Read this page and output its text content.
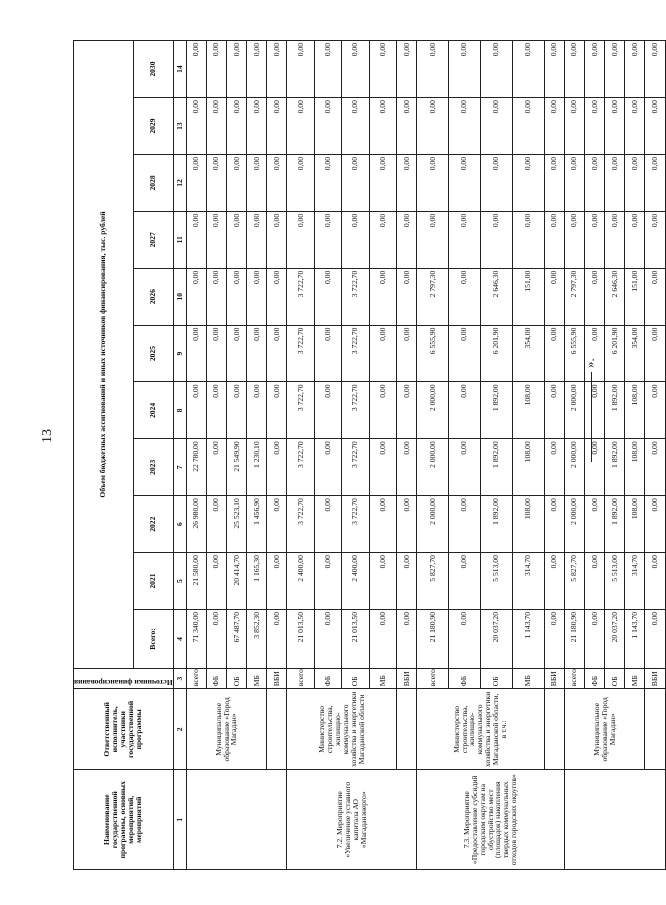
13
».
Наименование государственной программы, основных мероприятий, мероприятий	Ответственный исполнитель, участники государственной программы	Источники финансирования	Объем бюджетных ассигнований и иных источников финансирования, тыс. рублей										
			Всего:	2021	2022	2023	2024	2025	2026	2027	2028	2029	2030
1	2	3	4	5	6	7	8	9	10	11	12	13	14
	Муниципальное образование «Город Магадан»	всего	71 340,00	21 580,00	26 980,00	22 780,00	0,00	0,00	0,00	0,00	0,00	0,00	0,00
		ФБ	0,00	0,00	0,00	0,00	0,00	0,00	0,00	0,00	0,00	0,00	0,00
		ОБ	67 487,70	20 414,70	25 523,10	21 549,90	0,00	0,00	0,00	0,00	0,00	0,00	0,00
		МБ	3 852,30	1 165,30	1 456,90	1 230,10	0,00	0,00	0,00	0,00	0,00	0,00	0,00
		ВБИ	0,00	0,00	0,00	0,00	0,00	0,00	0,00	0,00	0,00	0,00	0,00
7.2. Мероприятие «Увеличение уставного капитала АО «Магаданэнерго»	Министерство строительства, жилищно-коммунального хозяйства и энергетики Магаданской области	всего	21 013,50	2 400,00	3 722,70	3 722,70	3 722,70	3 722,70	3 722,70	0,00	0,00	0,00	0,00
		ФБ	0,00	0,00	0,00	0,00	0,00	0,00	0,00	0,00	0,00	0,00	0,00
		ОБ	21 013,50	2 400,00	3 722,70	3 722,70	3 722,70	3 722,70	3 722,70	0,00	0,00	0,00	0,00
		МБ	0,00	0,00	0,00	0,00	0,00	0,00	0,00	0,00	0,00	0,00	0,00
		ВБИ	0,00	0,00	0,00	0,00	0,00	0,00	0,00	0,00	0,00	0,00	0,00
7.3. Мероприятие «Предоставление субсидий городским округам на обустройство мест (площадок) накопления твердых коммунальных отходов городских округов»	Министерство строительства, жилищно-коммунального хозяйства и энергетики Магаданской области, в т.ч.:	всего	21 180,90	5 827,70	2 000,00	2 000,00	2 000,00	6 555,90	2 797,30	0,00	0,00	0,00	0,00
		ФБ	0,00	0,00	0,00	0,00	0,00	0,00	0,00	0,00	0,00	0,00	0,00
		ОБ	20 037,20	5 513,00	1 892,00	1 892,00	1 892,00	6 201,90	2 646,30	0,00	0,00	0,00	0,00
		МБ	1 143,70	314,70	108,00	108,00	108,00	354,00	151,00	0,00	0,00	0,00	0,00
		ВБИ	0,00	0,00	0,00	0,00	0,00	0,00	0,00	0,00	0,00	0,00	0,00
	Муниципальное образование «Город Магадан»	всего	21 180,90	5 827,70	2 000,00	2 000,00	2 000,00	6 555,90	2 797,30	0,00	0,00	0,00	0,00
		ФБ	0,00	0,00	0,00	0,00	0,00	0,00	0,00	0,00	0,00	0,00	0,00
		ОБ	20 037,20	5 513,00	1 892,00	1 892,00	1 892,00	6 201,90	2 646,30	0,00	0,00	0,00	0,00
		МБ	1 143,70	314,70	108,00	108,00	108,00	354,00	151,00	0,00	0,00	0,00	0,00
		ВБИ	0,00	0,00	0,00	0,00	0,00	0,00	0,00	0,00	0,00	0,00	0,00
